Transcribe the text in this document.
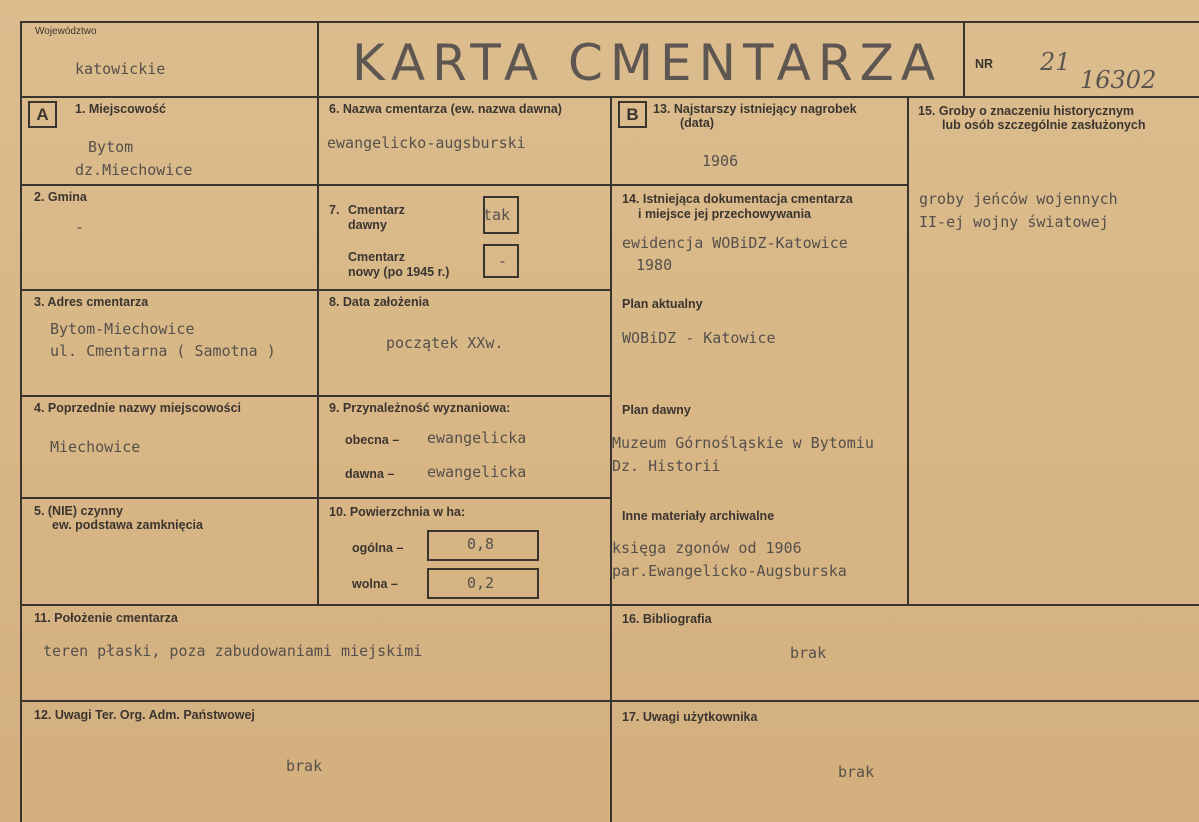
Województwo
katowickie	KARTA CMENTARZA	NR 21
16302
A	B
1. Miejscowość
Bytom
dz.Miechowice
2. Gmina
-
3. Adres cmentarza
Bytom-Miechowice
ul. Cmentarna ( Samotna )
4. Poprzednie nazwy miejscowości
Miechowice
5. (NIE) czynny
ew. podstawa zamknięcia
6. Nazwa cmentarza (ew. nazwa dawna)
ewangelicko-augsburski
7. Cmentarz
dawny
tak
Cmentarz
nowy (po 1945 r.)
-
8. Data założenia
początek XXw.
9. Przynależność wyznaniowa:
obecna – ewangelicka
dawna – ewangelicka
10. Powierzchnia w ha:
ogólna –	0,8
wolna –	0,2
11. Położenie cmentarza
teren płaski, poza zabudowaniami miejskimi
12. Uwagi Ter. Org. Adm. Państwowej
brak
13. Najstarszy istniejący nagrobek
(data)
1906
14. Istniejąca dokumentacja cmentarza
i miejsce jej przechowywania
ewidencja WOBiDZ-Katowice
1980
Plan aktualny
WOBiDZ - Katowice
Plan dawny
Muzeum Górnośląskie w Bytomiu
Dz. Historii
Inne materiały archiwalne
księga zgonów od 1906
par.Ewangelicko-Augsburska
15. Groby o znaczeniu historycznym
lub osób szczególnie zasłużonych
groby jeńców wojennych
II-ej wojny światowej
16. Bibliografia
brak
17. Uwagi użytkownika
brak
